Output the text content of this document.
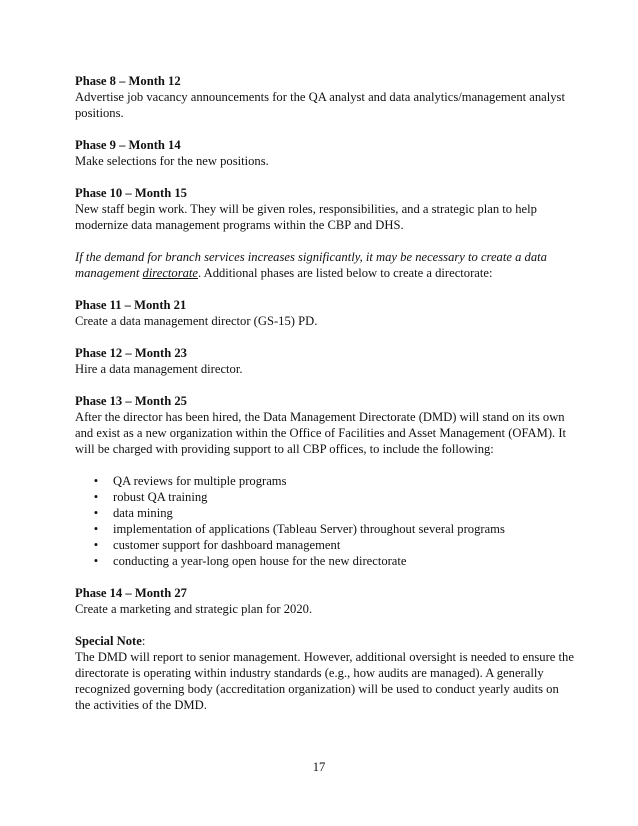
Phase 8 – Month 12
Advertise job vacancy announcements for the QA analyst and data analytics/management analyst positions.
Phase 9 – Month 14
Make selections for the new positions.
Phase 10 – Month 15
New staff begin work. They will be given roles, responsibilities, and a strategic plan to help modernize data management programs within the CBP and DHS.
If the demand for branch services increases significantly, it may be necessary to create a data management directorate. Additional phases are listed below to create a directorate:
Phase 11 – Month 21
Create a data management director (GS-15) PD.
Phase 12 – Month 23
Hire a data management director.
Phase 13 – Month 25
After the director has been hired, the Data Management Directorate (DMD) will stand on its own and exist as a new organization within the Office of Facilities and Asset Management (OFAM). It will be charged with providing support to all CBP offices, to include the following:
• QA reviews for multiple programs
• robust QA training
• data mining
• implementation of applications (Tableau Server) throughout several programs
• customer support for dashboard management
• conducting a year-long open house for the new directorate
Phase 14 – Month 27
Create a marketing and strategic plan for 2020.
Special Note:
The DMD will report to senior management. However, additional oversight is needed to ensure the directorate is operating within industry standards (e.g., how audits are managed). A generally recognized governing body (accreditation organization) will be used to conduct yearly audits on the activities of the DMD.
17
